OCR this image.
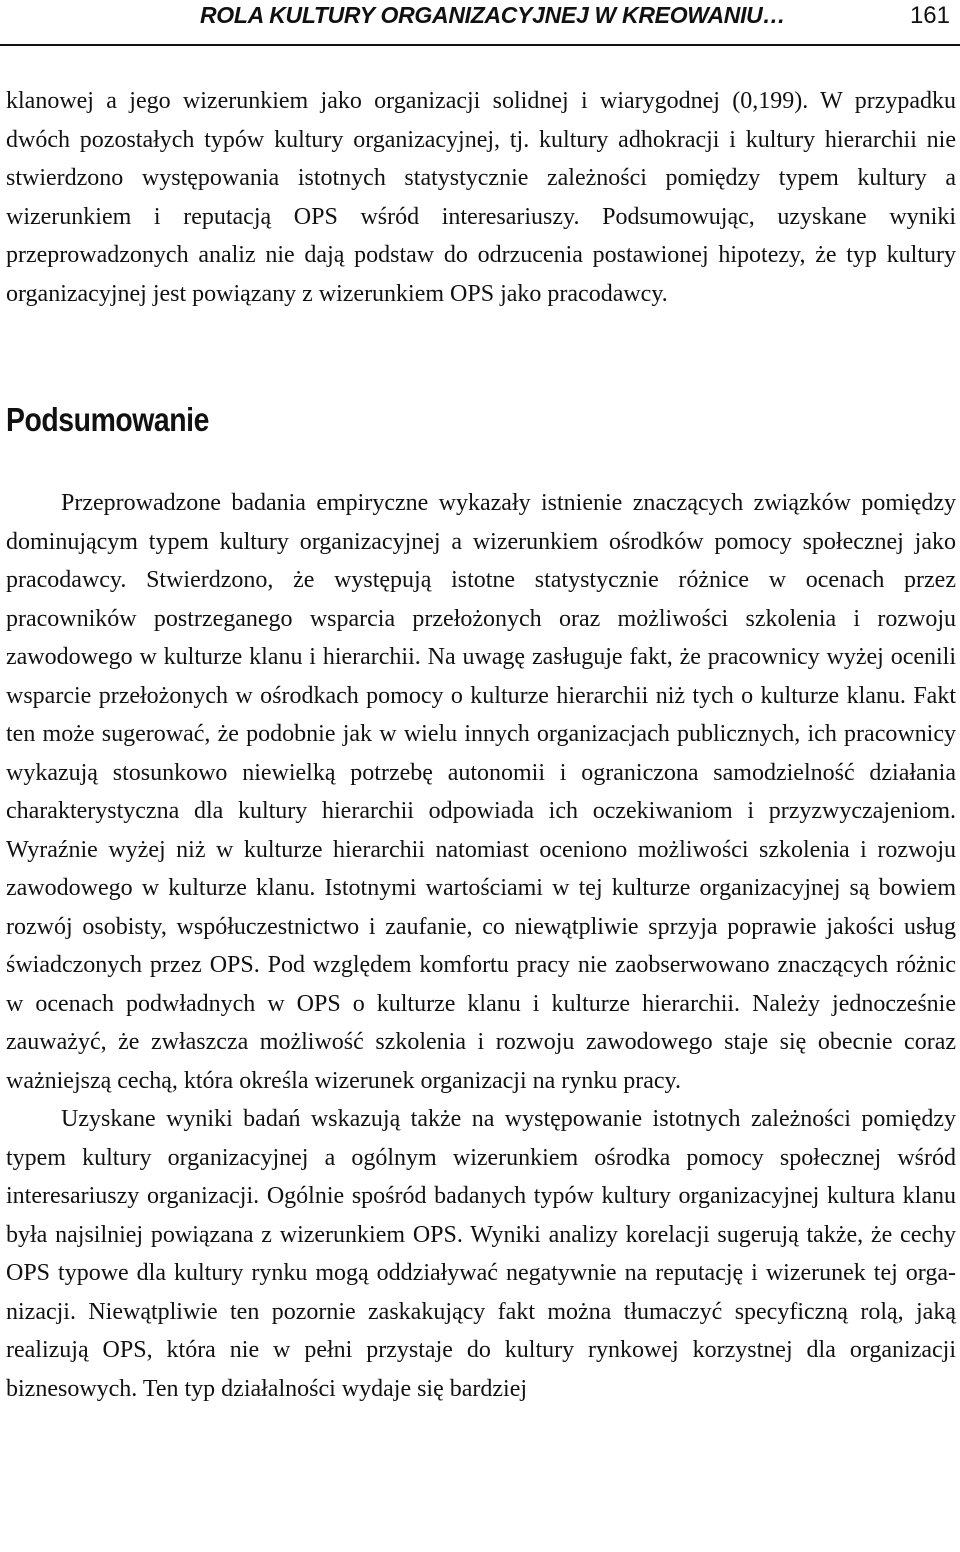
ROLA KULTURY ORGANIZACYJNEJ W KREOWANIU…	161

klanowej a jego wizerunkiem jako organizacji solidnej i wiarygodnej (0,199). W przypadku dwóch pozostałych typów kultury organizacyjnej, tj. kultury adhokracji i kultury hierarchii nie stwierdzono występowania istotnych statystycznie zależności pomiędzy typem kultury a wizerunkiem i reputacją OPS wśród interesariuszy. Podsumowując, uzyskane wyniki przeprowadzonych analiz nie dają podstaw do odrzucenia postawionej hipotezy, że typ kultury organizacyjnej jest powiązany z wizerunkiem OPS jako pracodawcy.

Podsumowanie

Przeprowadzone badania empiryczne wykazały istnienie znaczących związków pomiędzy dominującym typem kultury organizacyjnej a wizerunkiem ośrodków pomocy społecznej jako pracodawcy. Stwierdzono, że występują istotne statystycznie różnice w ocenach przez pracowników postrzeganego wsparcia przełożonych oraz możliwości szkolenia i rozwoju zawodowego w kulturze klanu i hierarchii. Na uwagę zasługuje fakt, że pracownicy wyżej ocenili wsparcie przełożonych w ośrodkach pomocy o kulturze hierarchii niż tych o kulturze klanu. Fakt ten może sugerować, że podobnie jak w wielu innych organizacjach publicznych, ich pracownicy wykazują stosunkowo niewielką potrzebę autonomii i ograniczona samodzielność działania charakterystyczna dla kultury hierarchii odpowiada ich oczekiwaniom i przyzwyczajeniom. Wyraźnie wyżej niż w kulturze hierarchii natomiast oceniono możliwości szkolenia i rozwoju zawodowego w kulturze klanu. Istotnymi wartościami w tej kulturze organizacyjnej są bowiem rozwój osobisty, współuczestnictwo i zaufanie, co niewątpliwie sprzyja poprawie jakości usług świadczonych przez OPS. Pod względem komfortu pracy nie zaobserwowano znaczących różnic w ocenach podwładnych w OPS o kulturze klanu i kulturze hierarchii. Należy jednocześnie zauważyć, że zwłaszcza możliwość szkolenia i rozwoju zawodowego staje się obecnie coraz ważniejszą cechą, która określa wizerunek organizacji na rynku pracy.

Uzyskane wyniki badań wskazują także na występowanie istotnych zależności pomiędzy typem kultury organizacyjnej a ogólnym wizerunkiem ośrodka pomocy społecznej wśród interesariuszy organizacji. Ogólnie spośród badanych typów kultury organizacyjnej kultura klanu była najsilniej powiązana z wizerunkiem OPS. Wyniki analizy korelacji sugerują także, że cechy OPS typowe dla kultury rynku mogą oddziaływać negatywnie na reputację i wizerunek tej organizacji. Niewątpliwie ten pozornie zaskakujący fakt można tłumaczyć specyficzną rolą, jaką realizują OPS, która nie w pełni przystaje do kultury rynkowej korzystnej dla organizacji biznesowych. Ten typ działalności wydaje się bardziej
